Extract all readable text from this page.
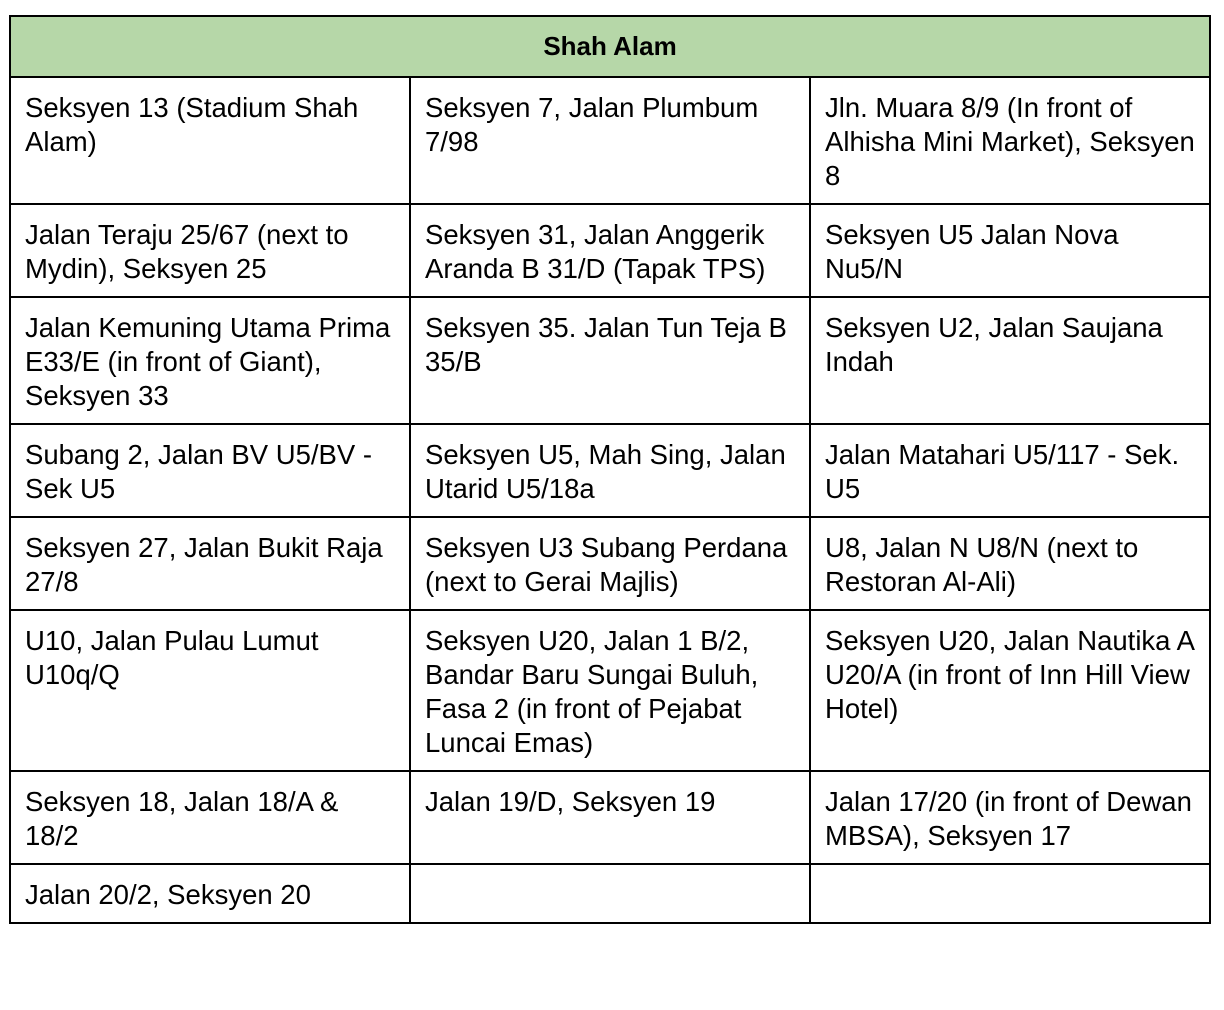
Shah Alam		
Seksyen 13 (Stadium Shah Alam)	Seksyen 7, Jalan Plumbum 7/98	Jln. Muara 8/9 (In front of Alhisha Mini Market), Seksyen 8
Jalan Teraju 25/67 (next to Mydin), Seksyen 25	Seksyen 31, Jalan Anggerik Aranda B 31/D (Tapak TPS)	Seksyen U5 Jalan Nova Nu5/N
Jalan Kemuning Utama Prima E33/E (in front of Giant), Seksyen 33	Seksyen 35. Jalan Tun Teja B 35/B	Seksyen U2, Jalan Saujana Indah
Subang 2, Jalan BV U5/BV - Sek U5	Seksyen U5, Mah Sing, Jalan Utarid U5/18a	Jalan Matahari U5/117 - Sek. U5
Seksyen 27, Jalan Bukit Raja 27/8	Seksyen U3 Subang Perdana (next to Gerai Majlis)	U8, Jalan N U8/N (next to Restoran Al-Ali)
U10, Jalan Pulau Lumut U10q/Q	Seksyen U20, Jalan 1 B/2, Bandar Baru Sungai Buluh, Fasa 2 (in front of Pejabat Luncai Emas)	Seksyen U20, Jalan Nautika A U20/A (in front of Inn Hill View Hotel)
Seksyen 18, Jalan 18/A & 18/2	Jalan 19/D, Seksyen 19	Jalan 17/20 (in front of Dewan MBSA), Seksyen 17
Jalan 20/2, Seksyen 20		
